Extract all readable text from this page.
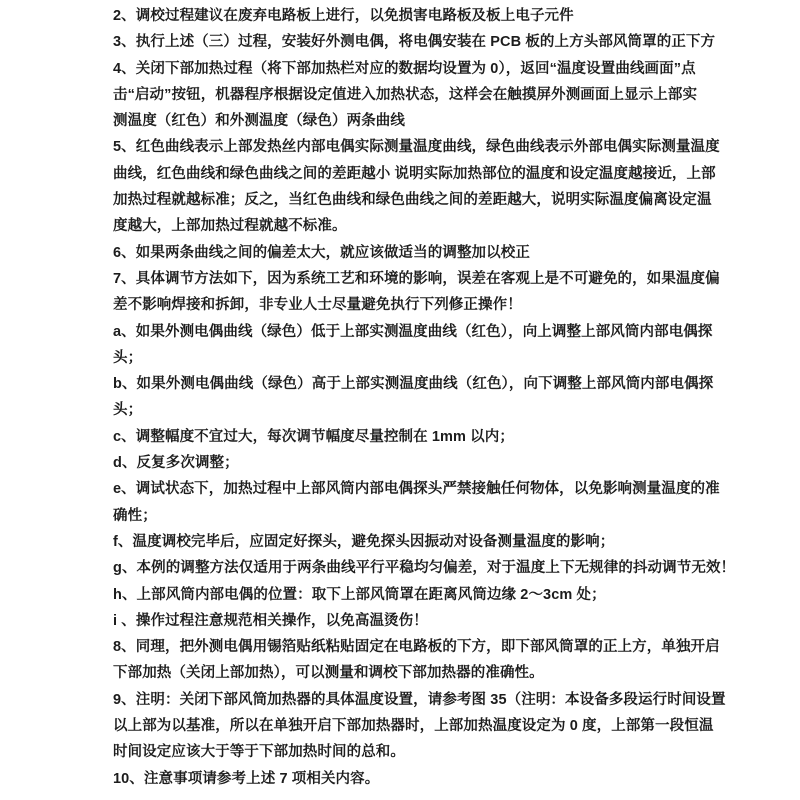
2、调校过程建议在废弃电路板上进行，以免损害电路板及板上电子元件
3、执行上述（三）过程，安装好外测电偶，将电偶安装在 PCB 板的上方头部风筒罩的正下方
4、关闭下部加热过程（将下部加热栏对应的数据均设置为 0），返回“温度设置曲线画面”点
击“启动”按钮，机器程序根据设定值进入加热状态，这样会在触摸屏外测画面上显示上部实
测温度（红色）和外测温度（绿色）两条曲线
5、红色曲线表示上部发热丝内部电偶实际测量温度曲线，绿色曲线表示外部电偶实际测量温度
曲线，红色曲线和绿色曲线之间的差距越小 说明实际加热部位的温度和设定温度越接近，上部
加热过程就越标准；反之，当红色曲线和绿色曲线之间的差距越大，说明实际温度偏离设定温
度越大，上部加热过程就越不标准。
6、如果两条曲线之间的偏差太大，就应该做适当的调整加以校正
7、具体调节方法如下，因为系统工艺和环境的影响，误差在客观上是不可避免的，如果温度偏
差不影响焊接和拆卸，非专业人士尽量避免执行下列修正操作！
a、如果外测电偶曲线（绿色）低于上部实测温度曲线（红色），向上调整上部风筒内部电偶探
头；
b、如果外测电偶曲线（绿色）高于上部实测温度曲线（红色），向下调整上部风筒内部电偶探
头；
c、调整幅度不宜过大，每次调节幅度尽量控制在 1mm 以内；
d、反复多次调整；
e、调试状态下，加热过程中上部风筒内部电偶探头严禁接触任何物体，以免影响测量温度的准
确性；
f、温度调校完毕后，应固定好探头，避免探头因振动对设备测量温度的影响；
g、本例的调整方法仅适用于两条曲线平行平稳均匀偏差，对于温度上下无规律的抖动调节无效！
h、上部风筒内部电偶的位置：取下上部风筒罩在距离风筒边缘 2～3cm 处；
i 、操作过程注意规范相关操作，以免高温烫伤！
8、同理，把外测电偶用锡箔贴纸粘贴固定在电路板的下方，即下部风筒罩的正上方，单独开启
下部加热（关闭上部加热），可以测量和调校下部加热器的准确性。
9、注明：关闭下部风筒加热器的具体温度设置，请参考图 35（注明：本设备多段运行时间设置
以上部为以基准，所以在单独开启下部加热器时，上部加热温度设定为 0 度，上部第一段恒温
时间设定应该大于等于下部加热时间的总和。
10、注意事项请参考上述 7 项相关内容。
